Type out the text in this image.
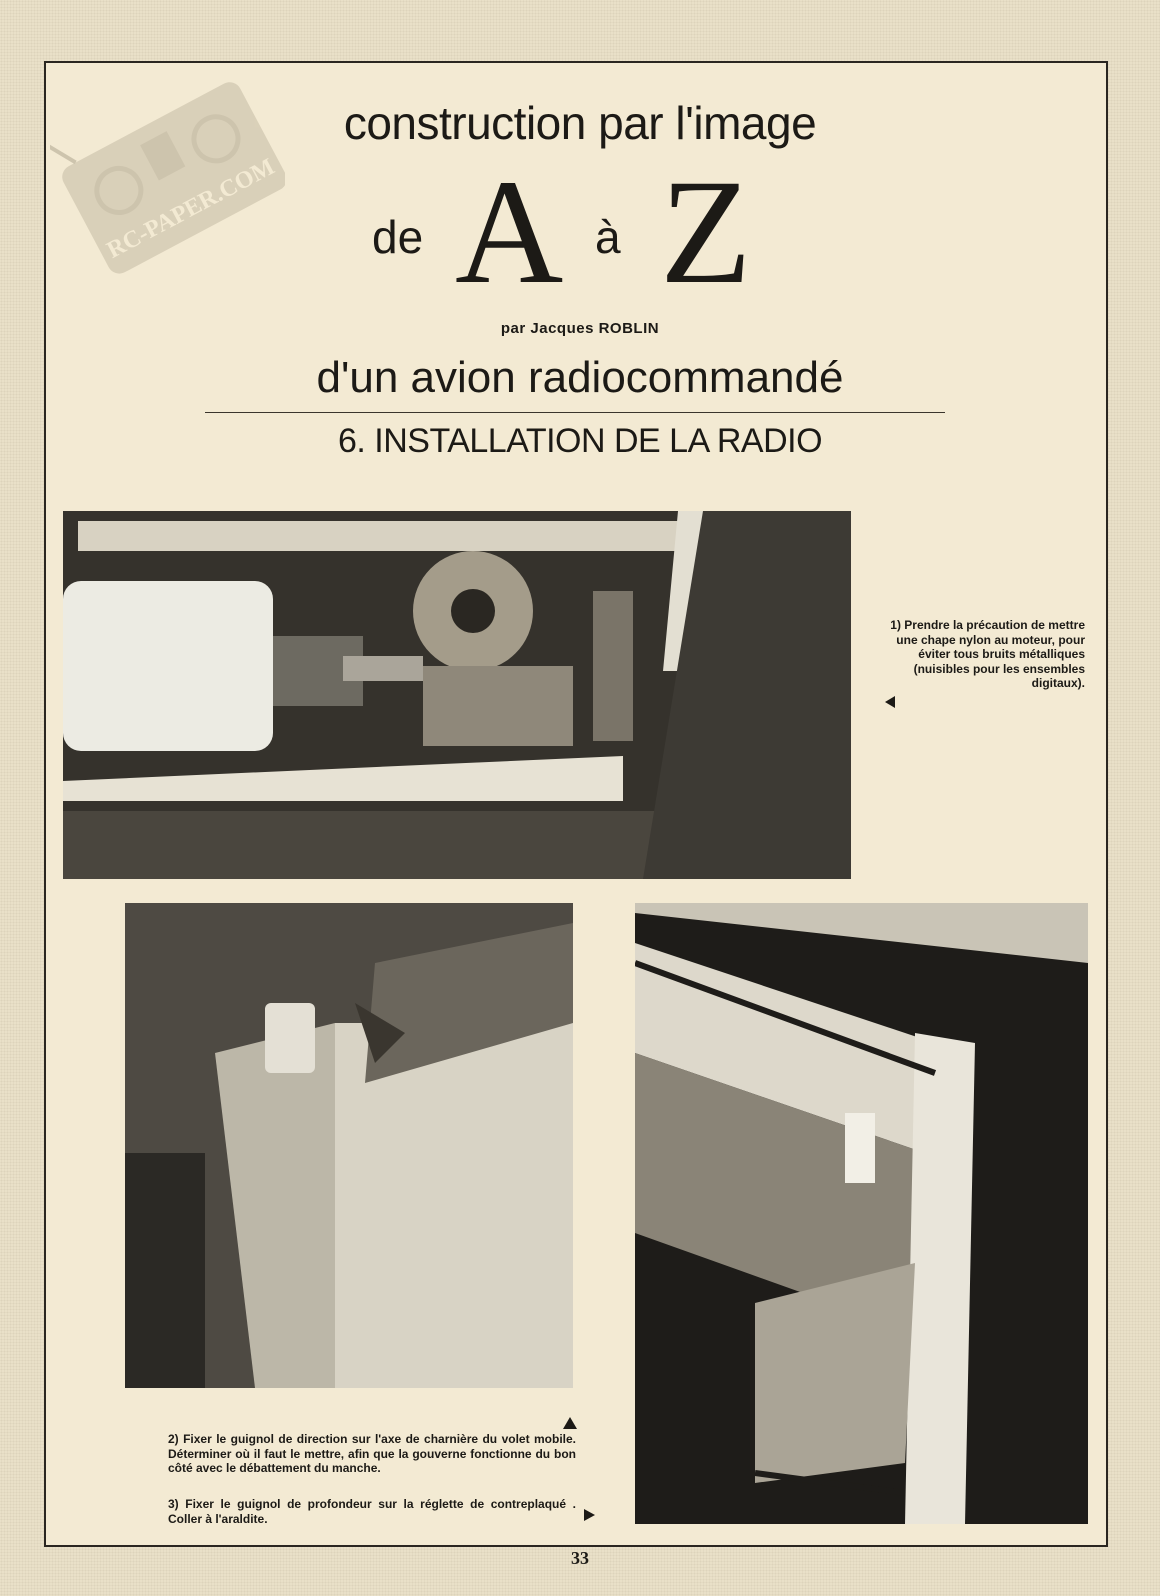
RC-PAPER.COM
construction par l'image
de A à Z
par Jacques ROBLIN
d'un avion radiocommandé
6. INSTALLATION DE LA RADIO
1) Prendre la précaution de mettre une chape nylon au moteur, pour éviter tous bruits métalliques (nuisibles pour les ensembles digitaux).
2) Fixer le guignol de direction sur l'axe de charnière du volet mobile. Déterminer où il faut le mettre, afin que la gouverne fonctionne du bon côté avec le débattement du manche.
3) Fixer le guignol de profondeur sur la réglette de contreplaqué . Coller à l'araldite.
33
